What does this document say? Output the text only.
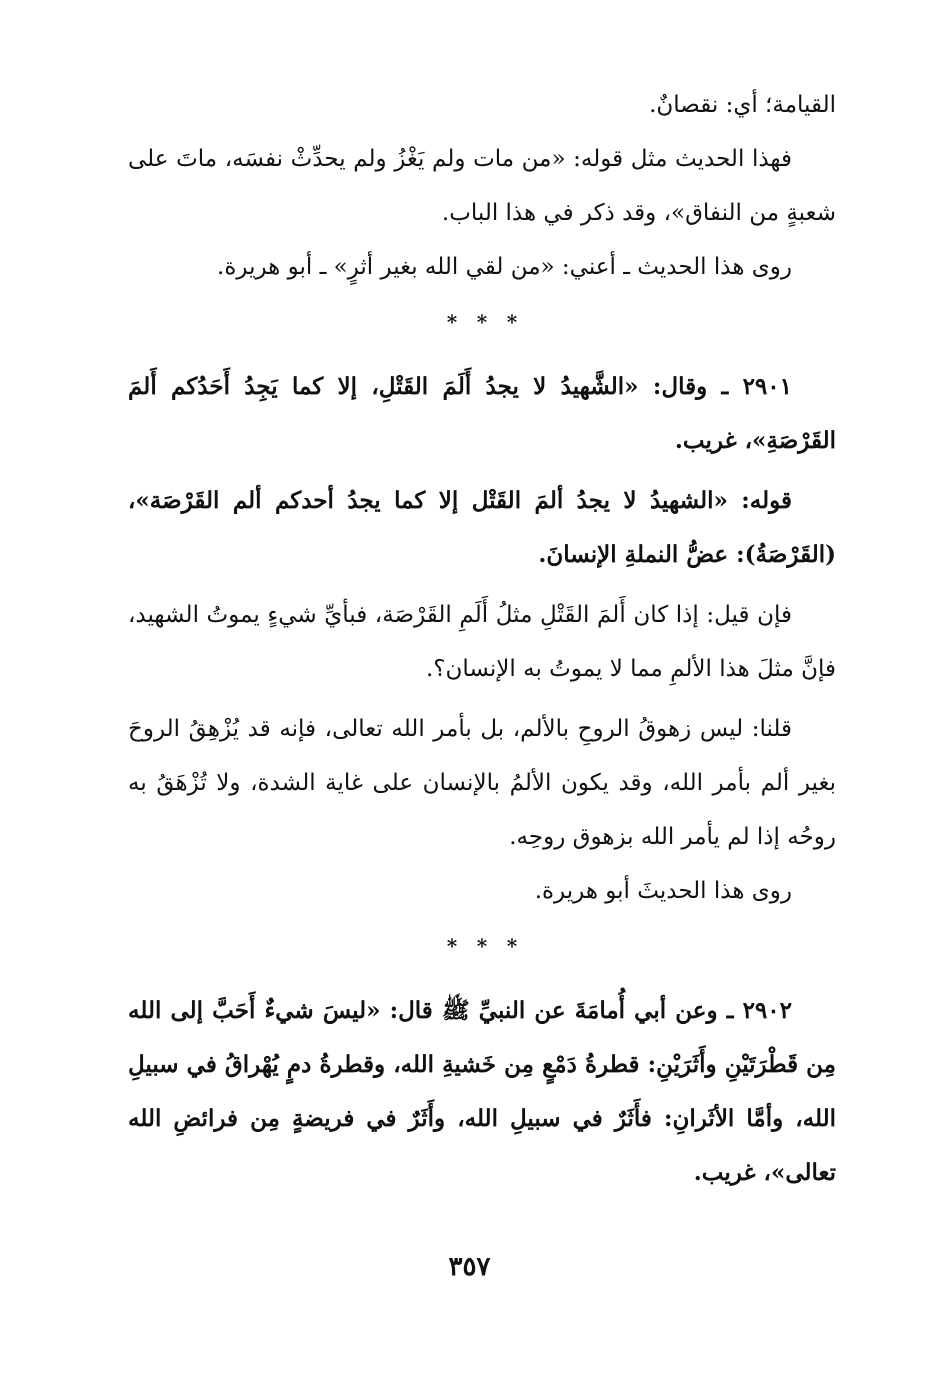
القيامة؛ أي: نقصانٌ.

فهذا الحديث مثل قوله: «من مات ولم يَغْزُ ولم يحدِّثْ نفسَه، ماتَ على شعبةٍ من النفاق»، وقد ذكر في هذا الباب.

روى هذا الحديث ـ أعني: «من لقي الله بغير أثرٍ» ـ أبو هريرة.

* * *

٢٩٠١ ـ وقال: «الشَّهيدُ لا يجدُ أَلَمَ القَتْلِ، إلا كما يَجِدُ أَحَدُكم أَلمَ القَرْصَةِ»، غريب.

قوله: «الشهيدُ لا يجدُ ألمَ القَتْل إلا كما يجدُ أحدكم ألم القَرْصَة»، (القَرْصَةُ): عضُّ النملةِ الإنسانَ.

فإن قيل: إذا كان أَلمَ القَتْلِ مثلُ أَلَمِ القَرْصَة، فبأيِّ شيءٍ يموتُ الشهيد، فإنَّ مثلَ هذا الألمِ مما لا يموتُ به الإنسان؟.

قلنا: ليس زهوقُ الروحِ بالألم، بل بأمر الله تعالى، فإنه قد يُزْهِقُ الروحَ بغير ألم بأمر الله، وقد يكون الألمُ بالإنسان على غاية الشدة، ولا تُزْهَقُ به روحُه إذا لم يأمر الله بزهوق روحِه.

روى هذا الحديثَ أبو هريرة.

* * *

٢٩٠٢ ـ وعن أبي أُمامَةَ عن النبيِّ ﷺ قال: «ليسَ شيءٌ أَحَبَّ إلى الله مِن قَطْرَتَيْنِ وأَثَرَيْنِ: قطرةُ دَمْعٍ مِن خَشيةِ الله، وقطرةُ دمٍ يُهْراقُ في سبيلِ الله، وأمَّا الأثَرانِ: فأَثَرٌ في سبيلِ الله، وأَثَرٌ في فريضةٍ مِن فرائضِ الله تعالى»، غريب.

٣٥٧
